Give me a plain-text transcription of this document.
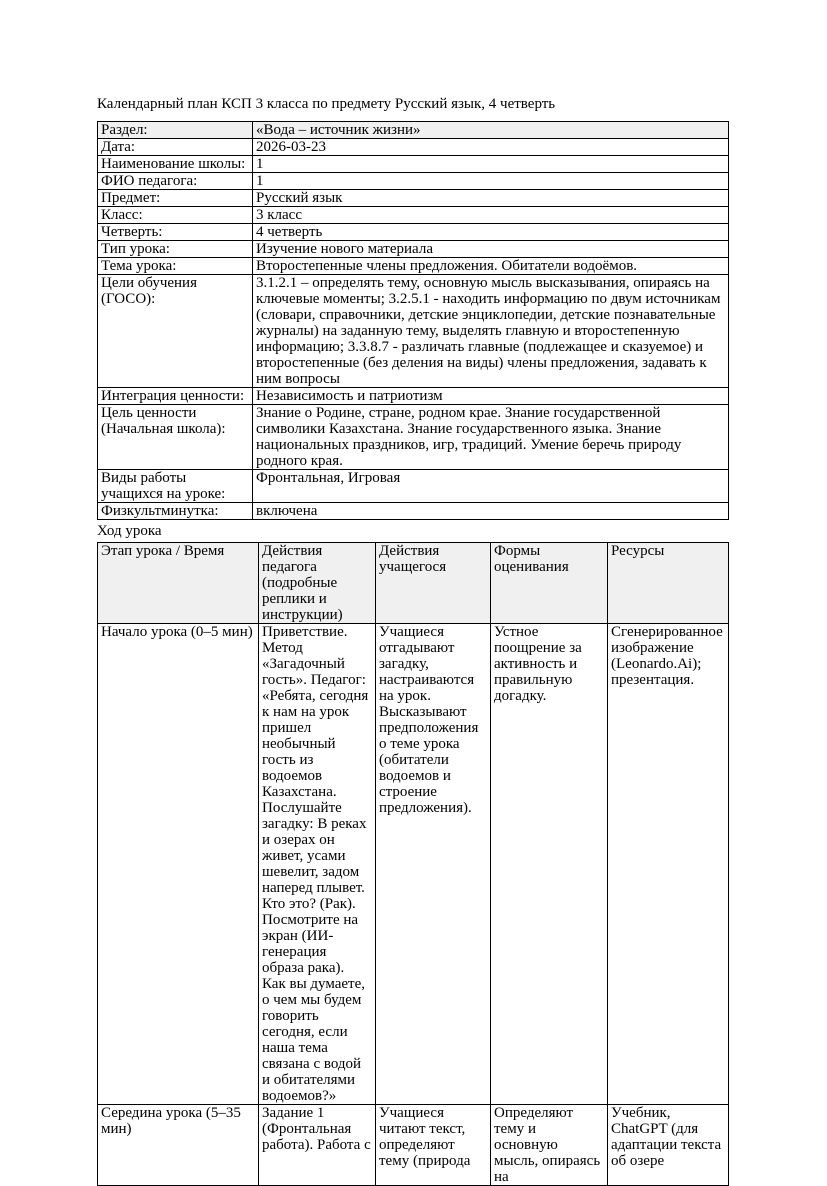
Календарный план КСП 3 класса по предмету Русский язык, 4 четверть

Раздел:	«Вода – источник жизни»
Дата:	2026-03-23
Наименование школы:	1
ФИО педагога:	1
Предмет:	Русский язык
Класс:	3 класс
Четверть:	4 четверть
Тип урока:	Изучение нового материала
Тема урока:	Второстепенные члены предложения. Обитатели водоёмов.
Цели обучения (ГОСО):	3.1.2.1 – определять тему, основную мысль высказывания, опираясь на ключевые моменты; 3.2.5.1 - находить информацию по двум источникам (словари, справочники, детские энциклопедии, детские познавательные журналы) на заданную тему, выделять главную и второстепенную информацию; 3.3.8.7 - различать главные (подлежащее и сказуемое) и второстепенные (без деления на виды) члены предложения, задавать к ним вопросы
Интеграция ценности:	Независимость и патриотизм
Цель ценности (Начальная школа):	Знание о Родине, стране, родном крае. Знание государственной символики Казахстана. Знание государственного языка. Знание национальных праздников, игр, традиций. Умение беречь природу родного края.
Виды работы учащихся на уроке:	Фронтальная, Игровая
Физкультминутка:	включена

Ход урока

Этап урока / Время	Действия педагога (подробные реплики и инструкции)	Действия учащегося	Формы оценивания	Ресурсы
Начало урока (0–5 мин)	Приветствие. Метод «Загадочный гость». Педагог: «Ребята, сегодня к нам на урок пришел необычный гость из водоемов Казахстана. Послушайте загадку: В реках и озерах он живет, усами шевелит, задом наперед плывет. Кто это? (Рак). Посмотрите на экран (ИИ-генерация образа рака). Как вы думаете, о чем мы будем говорить сегодня, если наша тема связана с водой и обитателями водоемов?»	Учащиеся отгадывают загадку, настраиваются на урок. Высказывают предположения о теме урока (обитатели водоемов и строение предложения).	Устное поощрение за активность и правильную догадку.	Сгенерированное изображение (Leonardo.Ai); презентация.
Середина урока (5–35 мин)	Задание 1 (Фронтальная работа). Работа с	Учащиеся читают текст, определяют тему (природа	Определяют тему и основную мысль, опираясь на	Учебник, ChatGPT (для адаптации текста об озере
